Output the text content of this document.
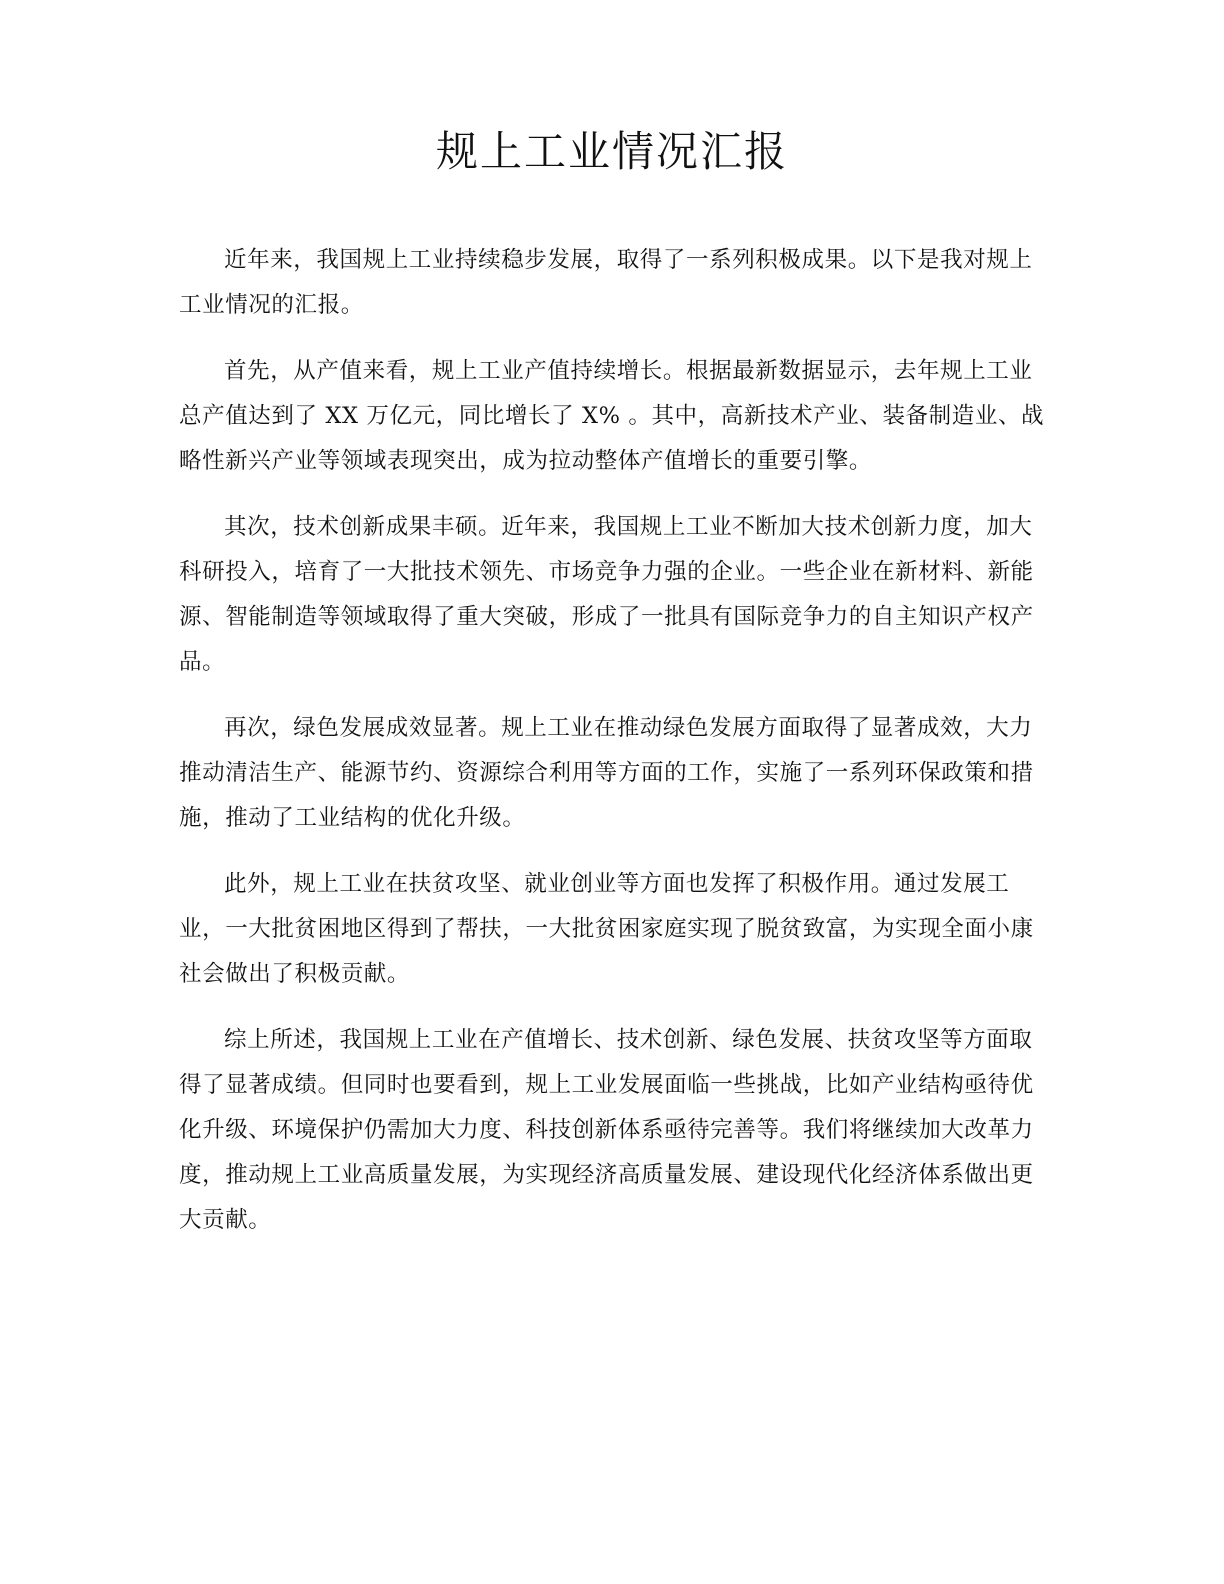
规上工业情况汇报

近年来，我国规上工业持续稳步发展，取得了一系列积极成果。以下是我对规上工业情况的汇报。

首先，从产值来看，规上工业产值持续增长。根据最新数据显示，去年规上工业总产值达到了 XX 万亿元，同比增长了 X% 。其中，高新技术产业、装备制造业、战略性新兴产业等领域表现突出，成为拉动整体产值增长的重要引擎。

其次，技术创新成果丰硕。近年来，我国规上工业不断加大技术创新力度，加大科研投入，培育了一大批技术领先、市场竞争力强的企业。一些企业在新材料、新能源、智能制造等领域取得了重大突破，形成了一批具有国际竞争力的自主知识产权产品。

再次，绿色发展成效显著。规上工业在推动绿色发展方面取得了显著成效，大力推动清洁生产、能源节约、资源综合利用等方面的工作，实施了一系列环保政策和措施，推动了工业结构的优化升级。

此外，规上工业在扶贫攻坚、就业创业等方面也发挥了积极作用。通过发展工业，一大批贫困地区得到了帮扶，一大批贫困家庭实现了脱贫致富，为实现全面小康社会做出了积极贡献。

综上所述，我国规上工业在产值增长、技术创新、绿色发展、扶贫攻坚等方面取得了显著成绩。但同时也要看到，规上工业发展面临一些挑战，比如产业结构亟待优化升级、环境保护仍需加大力度、科技创新体系亟待完善等。我们将继续加大改革力度，推动规上工业高质量发展，为实现经济高质量发展、建设现代化经济体系做出更大贡献。
